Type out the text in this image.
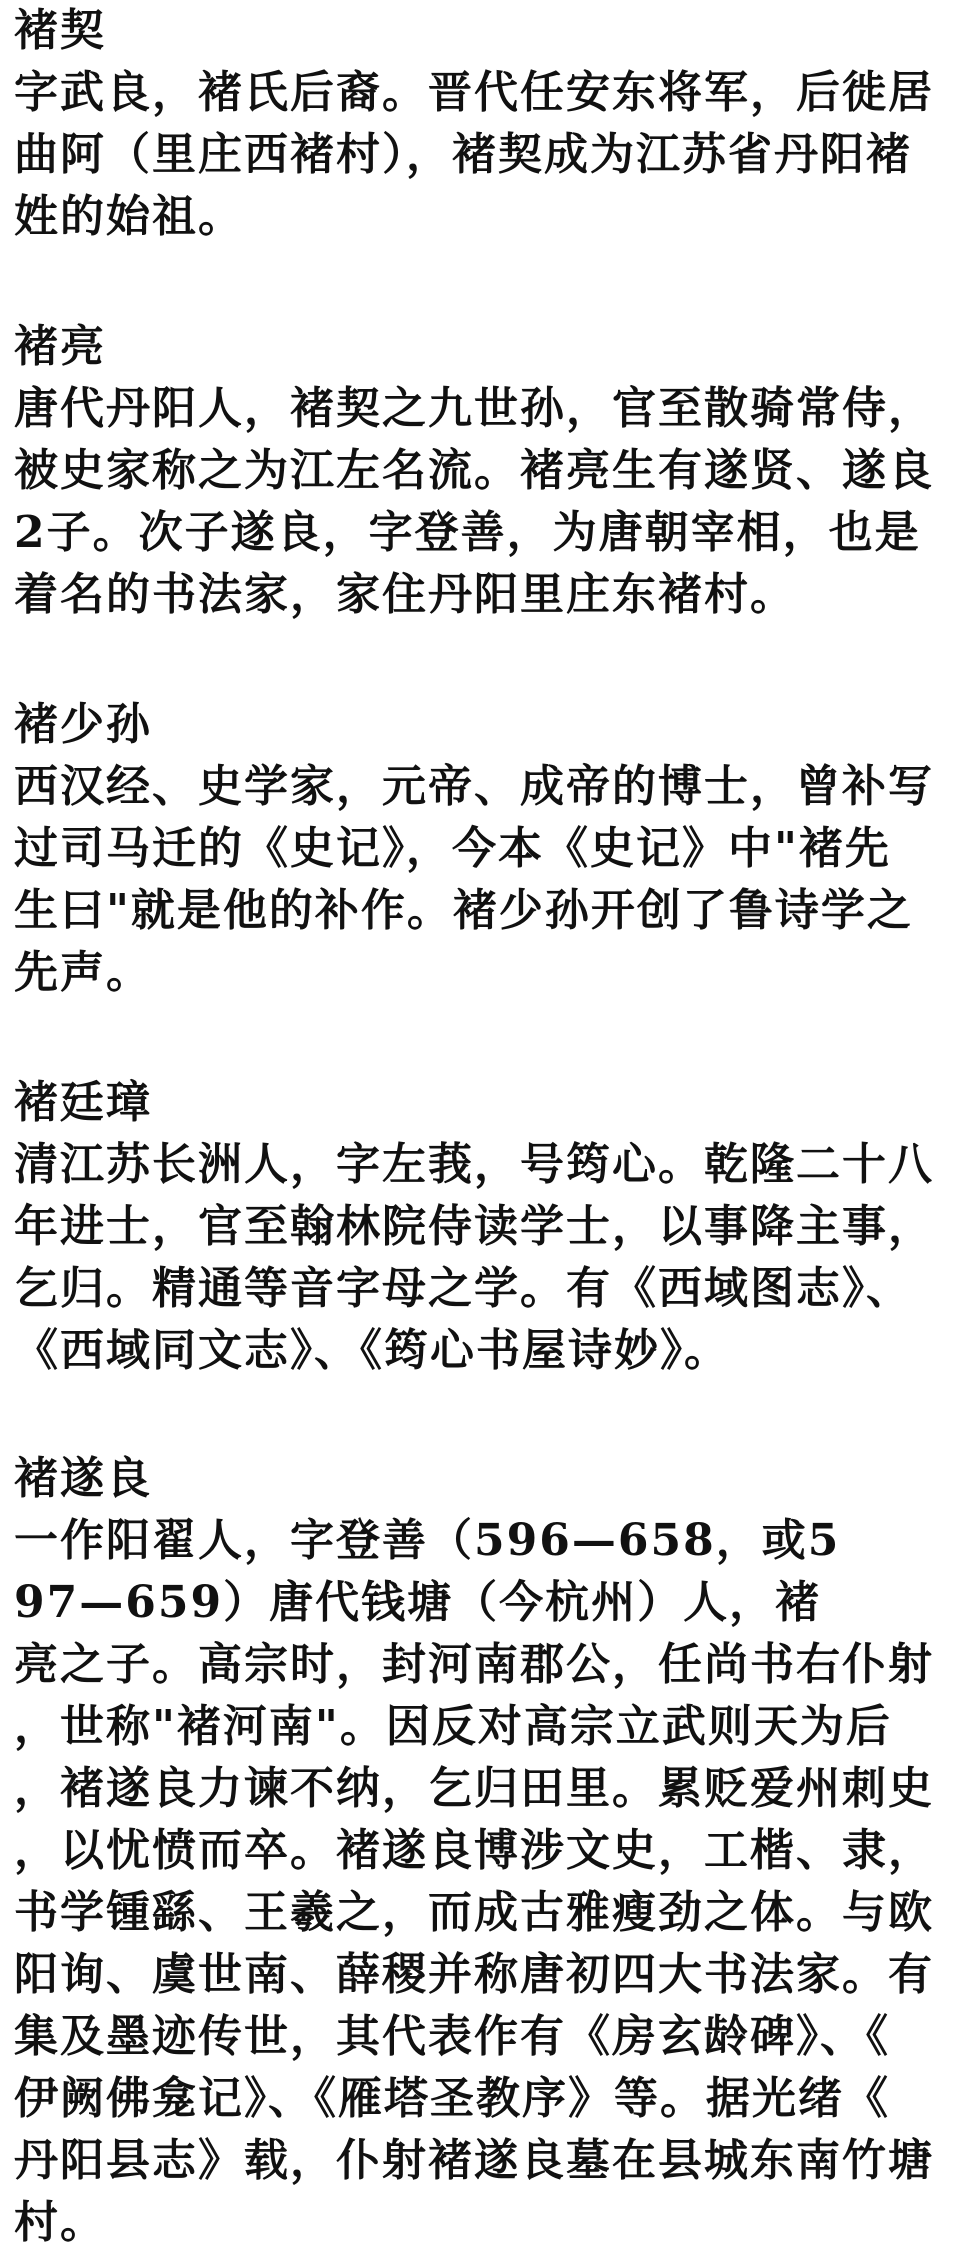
褚契
字武良，褚氏后裔。晋代任安东将军，后徙居
曲阿（里庄西褚村），褚契成为江苏省丹阳褚
姓的始祖。
褚亮
唐代丹阳人，褚契之九世孙，官至散骑常侍，
被史家称之为江左名流。褚亮生有遂贤、遂良
2子。次子遂良，字登善，为唐朝宰相，也是
着名的书法家，家住丹阳里庄东褚村。
褚少孙
西汉经、史学家，元帝、成帝的博士，曾补写
过司马迁的《史记》，今本《史记》中"褚先
生曰"就是他的补作。褚少孙开创了鲁诗学之
先声。
褚廷璋
清江苏长洲人，字左莪，号筠心。乾隆二十八
年进士，官至翰林院侍读学士，以事降主事，
乞归。精通等音字母之学。有《西域图志》、
《西域同文志》、《筠心书屋诗妙》。
褚遂良
一作阳翟人，字登善（596—658，或5
97—659）唐代钱塘（今杭州）人，褚
亮之子。高宗时，封河南郡公，任尚书右仆射
，世称"褚河南"。因反对高宗立武则天为后
，褚遂良力谏不纳，乞归田里。累贬爱州刺史
，以忧愤而卒。褚遂良博涉文史，工楷、隶，
书学锺繇、王羲之，而成古雅瘦劲之体。与欧
阳询、虞世南、薛稷并称唐初四大书法家。有
集及墨迹传世，其代表作有《房玄龄碑》、《
伊阙佛龛记》、《雁塔圣教序》等。据光绪《
丹阳县志》载，仆射褚遂良墓在县城东南竹塘
村。
